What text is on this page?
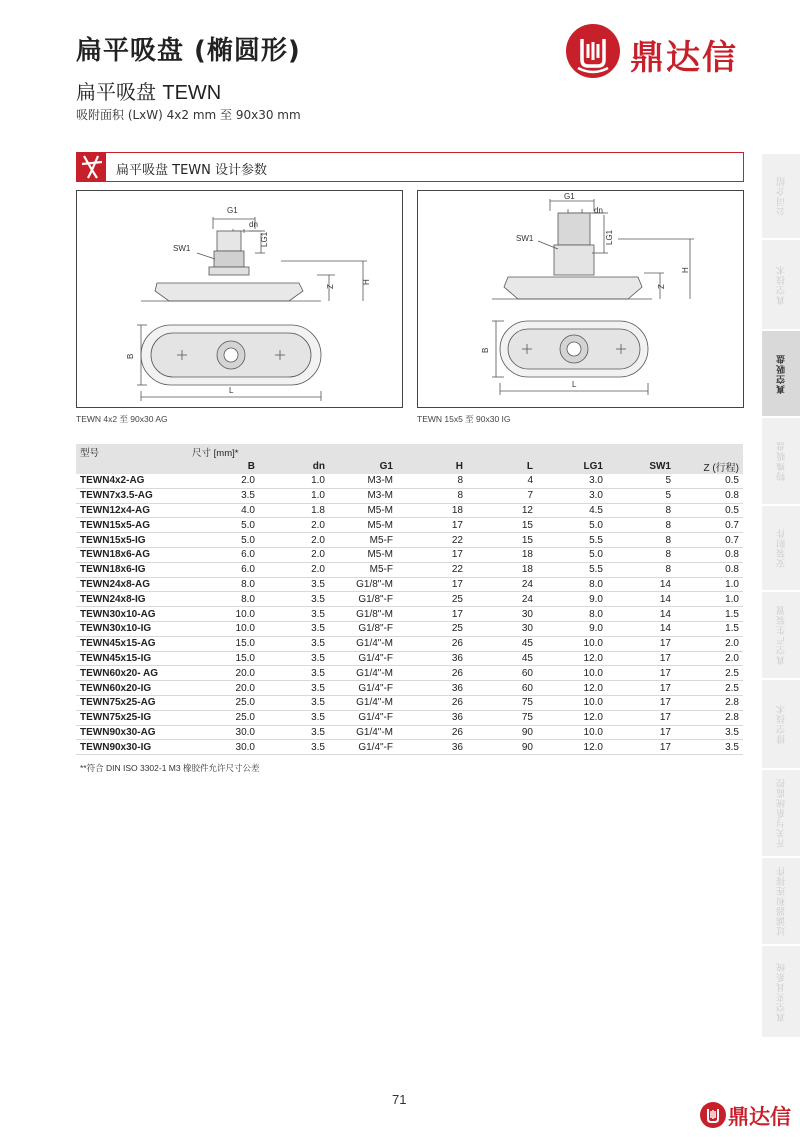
扁平吸盘 (椭圆形)
扁平吸盘 TEWN
吸附面积 (LxW) 4x2 mm 至 90x30 mm
鼎达信
扁平吸盘 TEWN 设计参数
G1
dn
SW1
LG1
H
Z
B
L
TEWN 4x2 至 90x30 AG
G1
dn
SW1	LG1
H
Z
B
L
TEWN 15x5 至 90x30 IG
型号	尺寸 [mm]*
B	dn	G1	H	L	LG1	SW1	Z (行程)
TEWN4x2-AG	2.0	1.0	M3-M	8	4	3.0	5	0.5
TEWN7x3.5-AG	3.5	1.0	M3-M	8	7	3.0	5	0.8
TEWN12x4-AG	4.0	1.8	M5-M	18	12	4.5	8	0.5
TEWN15x5-AG	5.0	2.0	M5-M	17	15	5.0	8	0.7
TEWN15x5-IG	5.0	2.0	M5-F	22	15	5.5	8	0.7
TEWN18x6-AG	6.0	2.0	M5-M	17	18	5.0	8	0.8
TEWN18x6-IG	6.0	2.0	M5-F	22	18	5.5	8	0.8
TEWN24x8-AG	8.0	3.5	G1/8"-M	17	24	8.0	14	1.0
TEWN24x8-IG	8.0	3.5	G1/8"-F	25	24	9.0	14	1.0
TEWN30x10-AG	10.0	3.5	G1/8"-M	17	30	8.0	14	1.5
TEWN30x10-IG	10.0	3.5	G1/8"-F	25	30	9.0	14	1.5
TEWN45x15-AG	15.0	3.5	G1/4"-M	26	45	10.0	17	2.0
TEWN45x15-IG	15.0	3.5	G1/4"-F	36	45	12.0	17	2.0
TEWN60x20- AG	20.0	3.5	G1/4"-M	26	60	10.0	17	2.5
TEWN60x20-IG	20.0	3.5	G1/4"-F	36	60	12.0	17	2.5
TEWN75x25-AG	25.0	3.5	G1/4"-M	26	75	10.0	17	2.8
TEWN75x25-IG	25.0	3.5	G1/4"-F	36	75	12.0	17	2.8
TEWN90x30-AG	30.0	3.5	G1/4"-M	26	90	10.0	17	3.5
TEWN90x30-IG	30.0	3.5	G1/4"-F	36	90	12.0	17	3.5
**符合 DIN ISO 3302-1 M3 橡胶件允许尺寸公差
公司介绍
真空技术
真空吸盘
特殊吸盘
安装附件
真空产生装置
排空技术
开关与系统监控
过滤器和连接件
真空夹具系统
71
鼎达信
